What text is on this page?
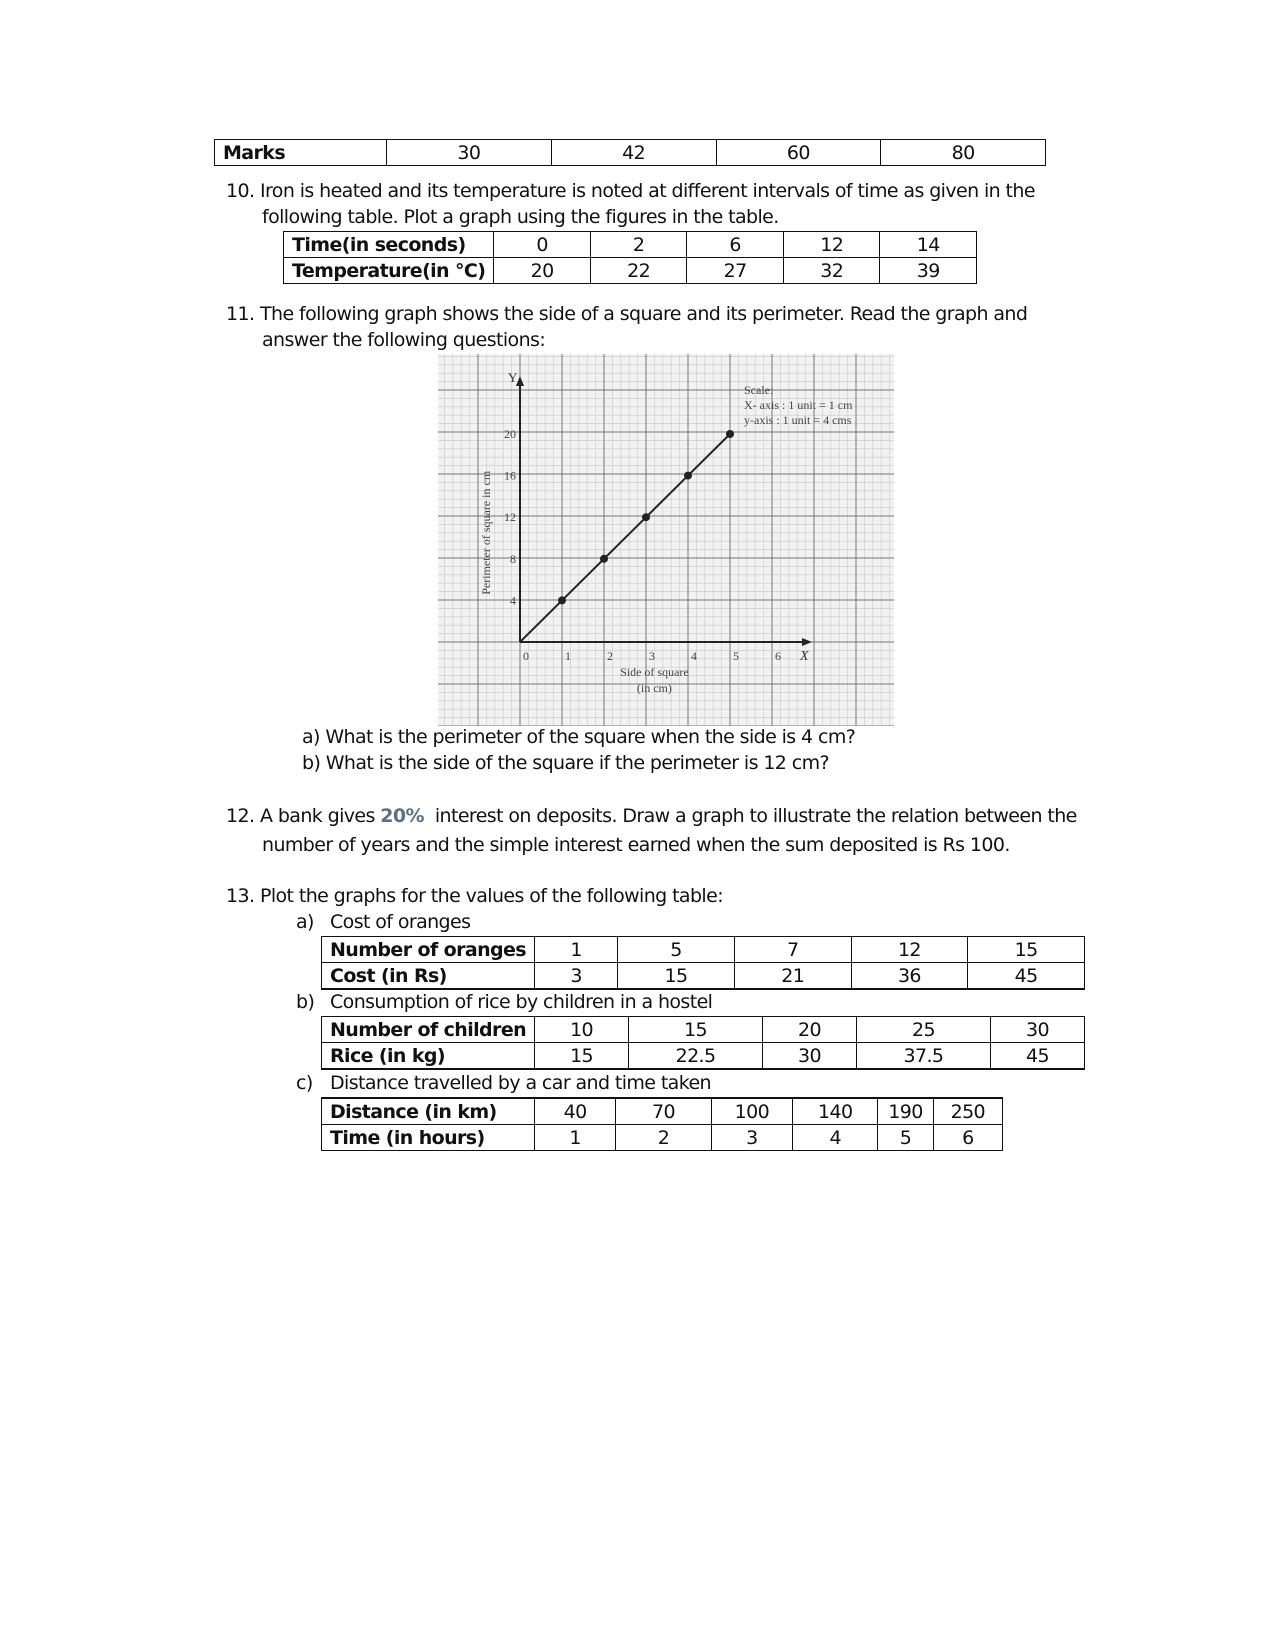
Marks	30	42	60	80
10. Iron is heated and its temperature is noted at different intervals of time as given in the
following table. Plot a graph using the figures in the table.
Time(in seconds)	0	2	6	12	14
Temperature(in °C)	20	22	27	32	39
11. The following graph shows the side of a square and its perimeter. Read the graph and
answer the following questions:
X
Y
0	1	2	3	4	5	6
4
8
12
16
20
Side of square
(in cm)
Perimeter of square in cm
Scale:
X- axis : 1 unit = 1 cm
y-axis : 1 unit = 4 cms
a) What is the perimeter of the square when the side is 4 cm?
b) What is the side of the square if the perimeter is 12 cm?
12. A bank gives 20% interest on deposits. Draw a graph to illustrate the relation between the
number of years and the simple interest earned when the sum deposited is Rs 100.
13. Plot the graphs for the values of the following table:
a) Cost of oranges
Number of oranges	1	5	7	12	15
Cost (in Rs)	3	15	21	36	45
b) Consumption of rice by children in a hostel
Number of children	10	15	20	25	30
Rice (in kg)	15	22.5	30	37.5	45
c) Distance travelled by a car and time taken
Distance (in km)	40	70	100	140	190	250
Time (in hours)	1	2	3	4	5	6
